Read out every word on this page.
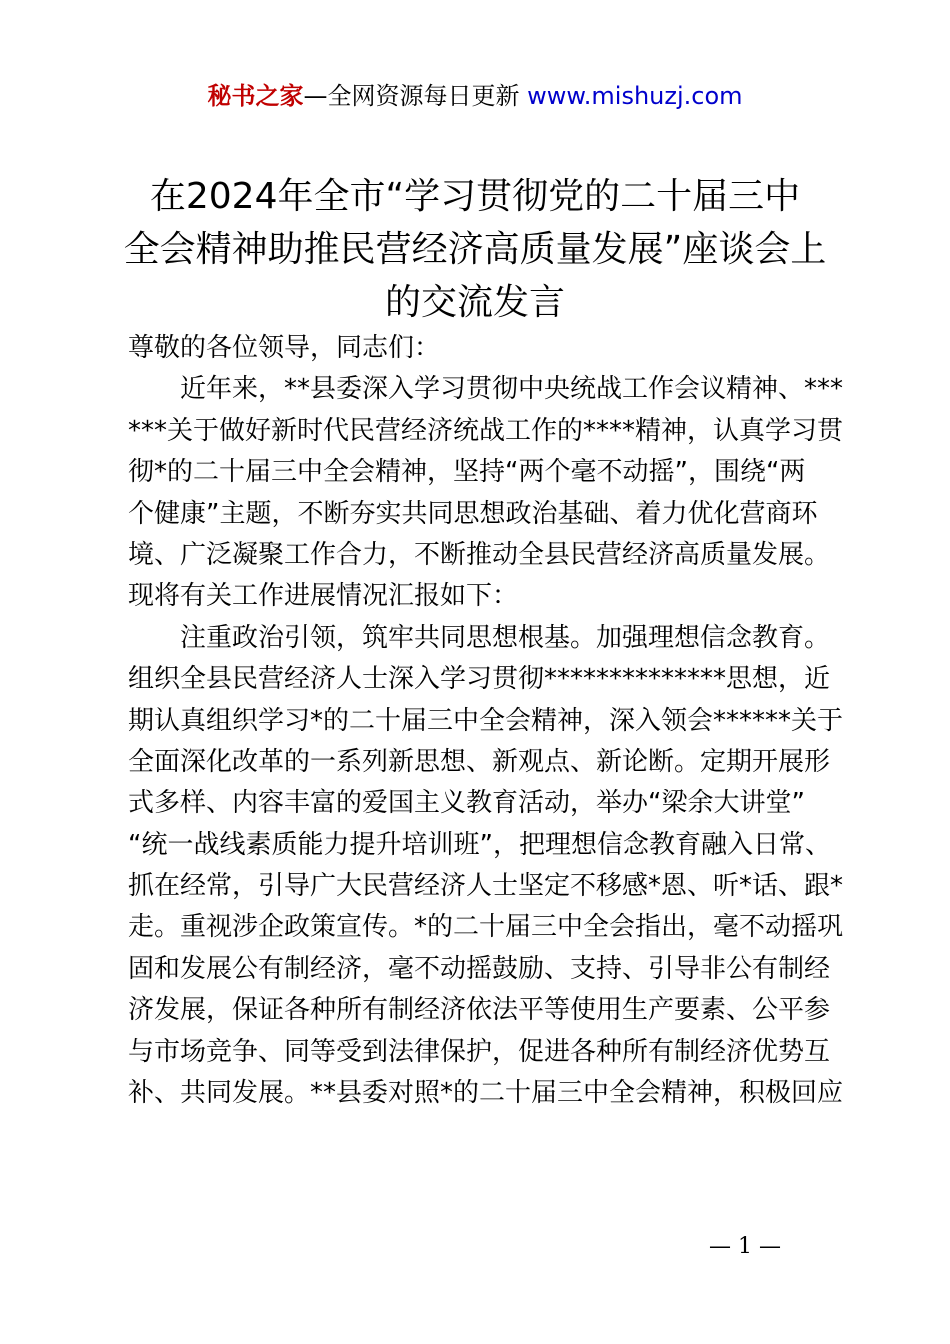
秘书之家—全网资源每日更新 www.mishuzj.com
在2024年全市“学习贯彻党的二十届三中
全会精神助推民营经济高质量发展”座谈会上
的交流发言
尊敬的各位领导，同志们：
近年来，**县委深入学习贯彻中央统战工作会议精神、***
***关于做好新时代民营经济统战工作的****精神，认真学习贯
彻*的二十届三中全会精神，坚持“两个毫不动摇”，围绕“两
个健康”主题，不断夯实共同思想政治基础、着力优化营商环
境、广泛凝聚工作合力，不断推动全县民营经济高质量发展。
现将有关工作进展情况汇报如下：
注重政治引领，筑牢共同思想根基。加强理想信念教育。
组织全县民营经济人士深入学习贯彻**************思想，近
期认真组织学习*的二十届三中全会精神，深入领会******关于
全面深化改革的一系列新思想、新观点、新论断。定期开展形
式多样、内容丰富的爱国主义教育活动，举办“梁余大讲堂”
“统一战线素质能力提升培训班”，把理想信念教育融入日常、
抓在经常，引导广大民营经济人士坚定不移感*恩、听*话、跟*
走。重视涉企政策宣传。*的二十届三中全会指出，毫不动摇巩
固和发展公有制经济，毫不动摇鼓励、支持、引导非公有制经
济发展，保证各种所有制经济依法平等使用生产要素、公平参
与市场竞争、同等受到法律保护，促进各种所有制经济优势互
补、共同发展。**县委对照*的二十届三中全会精神，积极回应
— 1 —
